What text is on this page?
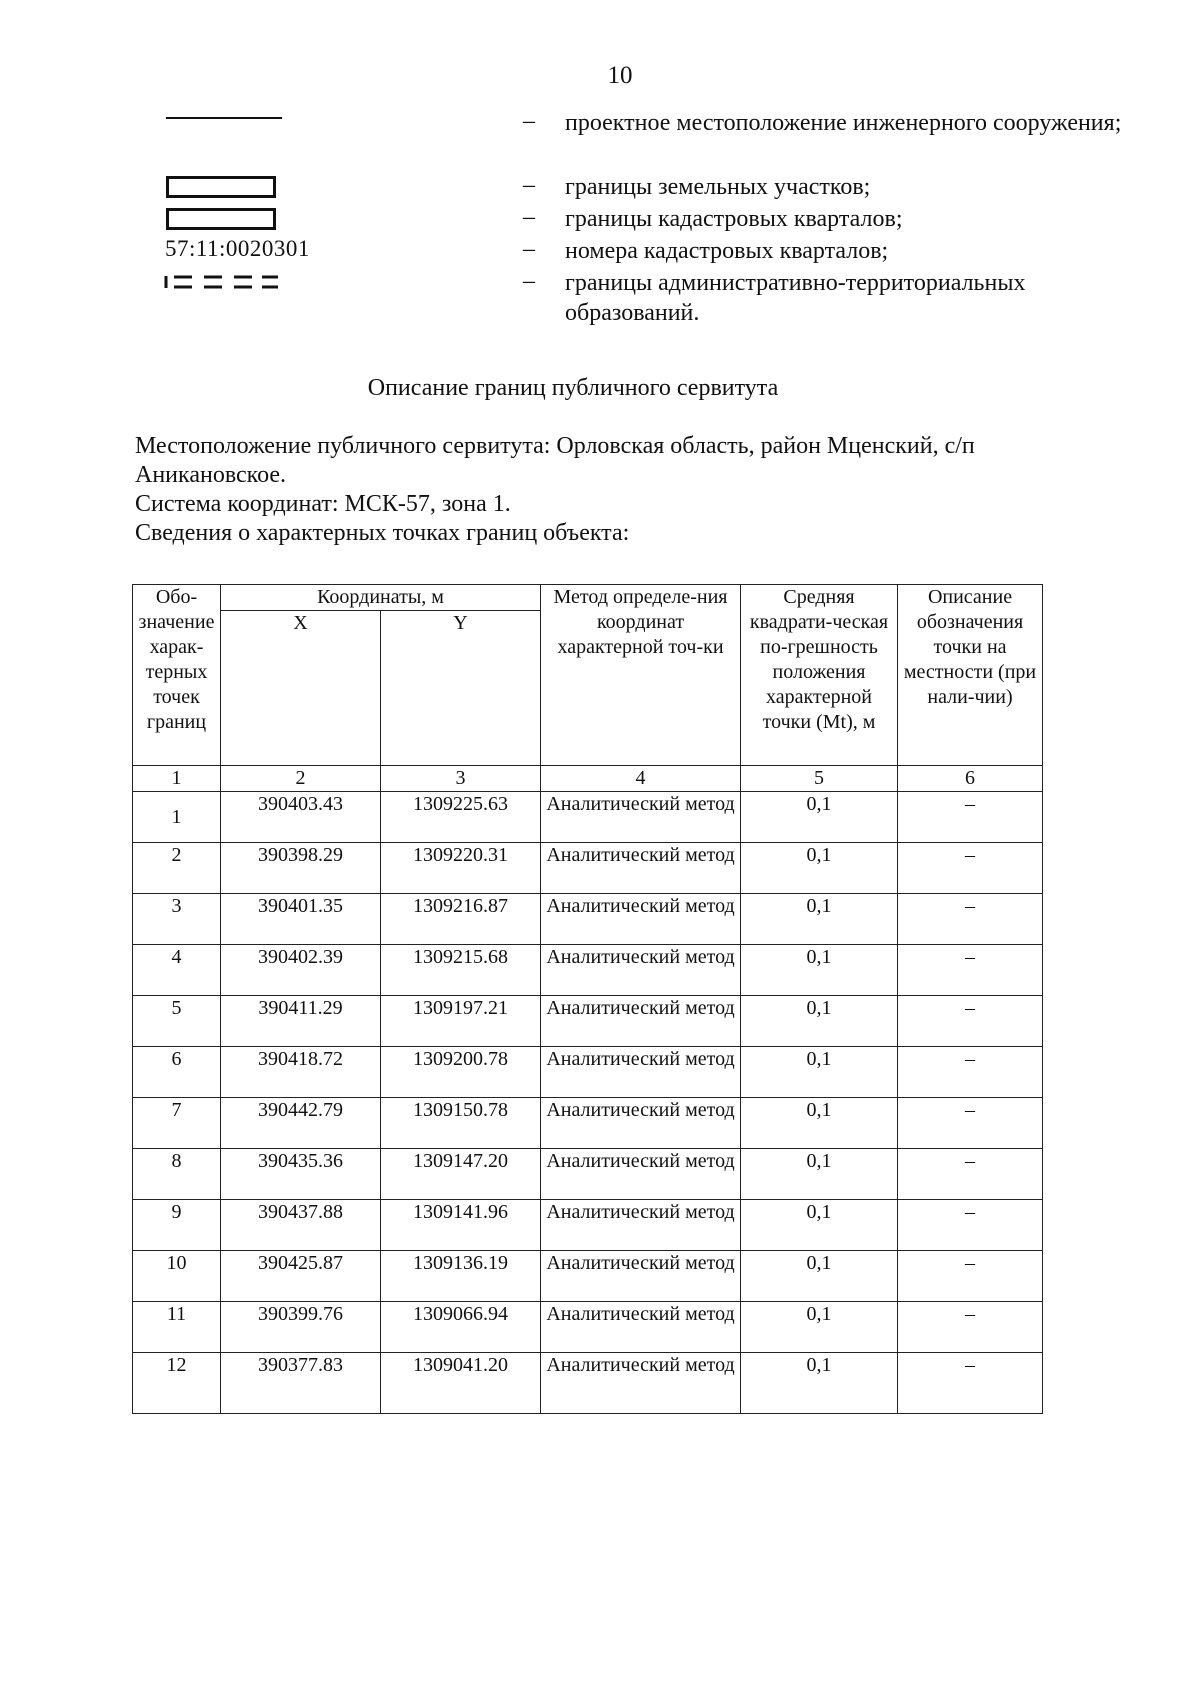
10
– проектное местоположение инженерного сооружения;
– границы земельных участков;
– границы кадастровых кварталов;
57:11:0020301	– номера кадастровых кварталов;
– границы административно-территориальных образований.
Описание границ публичного сервитута

Местоположение публичного сервитута: Орловская область, район Мценский, с/п Аникановское.

Система координат: МСК-57, зона 1.

Сведения о характерных точках границ объекта:

Обо-значение харак-терных точек границ	Координаты, м		Метод определе-ния координат характерной точ-ки	Средняя квадрати-ческая по-грешность положения характерной точки (Mt), м	Описание обозначения точки на местности (при нали-чии)
	X	Y			
1	2	3	4	5	6
1	390403.43	1309225.63	Аналитический метод	0,1	–
2	390398.29	1309220.31	Аналитический метод	0,1	–
3	390401.35	1309216.87	Аналитический метод	0,1	–
4	390402.39	1309215.68	Аналитический метод	0,1	–
5	390411.29	1309197.21	Аналитический метод	0,1	–
6	390418.72	1309200.78	Аналитический метод	0,1	–
7	390442.79	1309150.78	Аналитический метод	0,1	–
8	390435.36	1309147.20	Аналитический метод	0,1	–
9	390437.88	1309141.96	Аналитический метод	0,1	–
10	390425.87	1309136.19	Аналитический метод	0,1	–
11	390399.76	1309066.94	Аналитический метод	0,1	–
12	390377.83	1309041.20	Аналитический метод	0,1	–
